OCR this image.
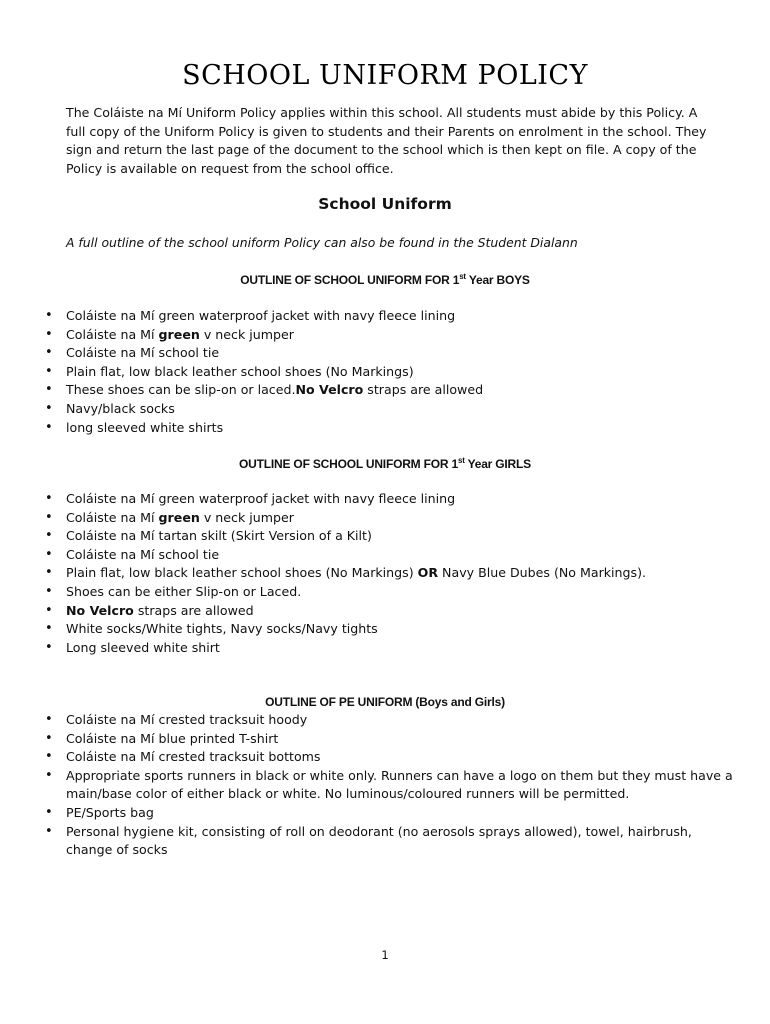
SCHOOL UNIFORM POLICY

The Coláiste na Mí Uniform Policy applies within this school. All students must abide by this Policy. A full copy of the Uniform Policy is given to students and their Parents on enrolment in the school. They sign and return the last page of the document to the school which is then kept on file. A copy of the Policy is available on request from the school office.

School Uniform

A full outline of the school uniform Policy can also be found in the Student Dialann

OUTLINE OF SCHOOL UNIFORM FOR 1st Year BOYS

• Coláiste na Mí green waterproof jacket with navy fleece lining
• Coláiste na Mí green v neck jumper
• Coláiste na Mí school tie
• Plain flat, low black leather school shoes (No Markings)
• These shoes can be slip-on or laced.No Velcro straps are allowed
• Navy/black socks
• long sleeved white shirts

OUTLINE OF SCHOOL UNIFORM FOR 1st Year GIRLS

• Coláiste na Mí green waterproof jacket with navy fleece lining
• Coláiste na Mí green v neck jumper
• Coláiste na Mí tartan skilt (Skirt Version of a Kilt)
• Coláiste na Mí school tie
• Plain flat, low black leather school shoes (No Markings) OR Navy Blue Dubes (No Markings).
• Shoes can be either Slip-on or Laced.
• No Velcro straps are allowed
• White socks/White tights, Navy socks/Navy tights
• Long sleeved white shirt

OUTLINE OF PE UNIFORM (Boys and Girls)

• Coláiste na Mí crested tracksuit hoody
• Coláiste na Mí blue printed T-shirt
• Coláiste na Mí crested tracksuit bottoms
• Appropriate sports runners in black or white only. Runners can have a logo on them but they must have a main/base color of either black or white. No luminous/coloured runners will be permitted.
• PE/Sports bag
• Personal hygiene kit, consisting of roll on deodorant (no aerosols sprays allowed), towel, hairbrush, change of socks

1
